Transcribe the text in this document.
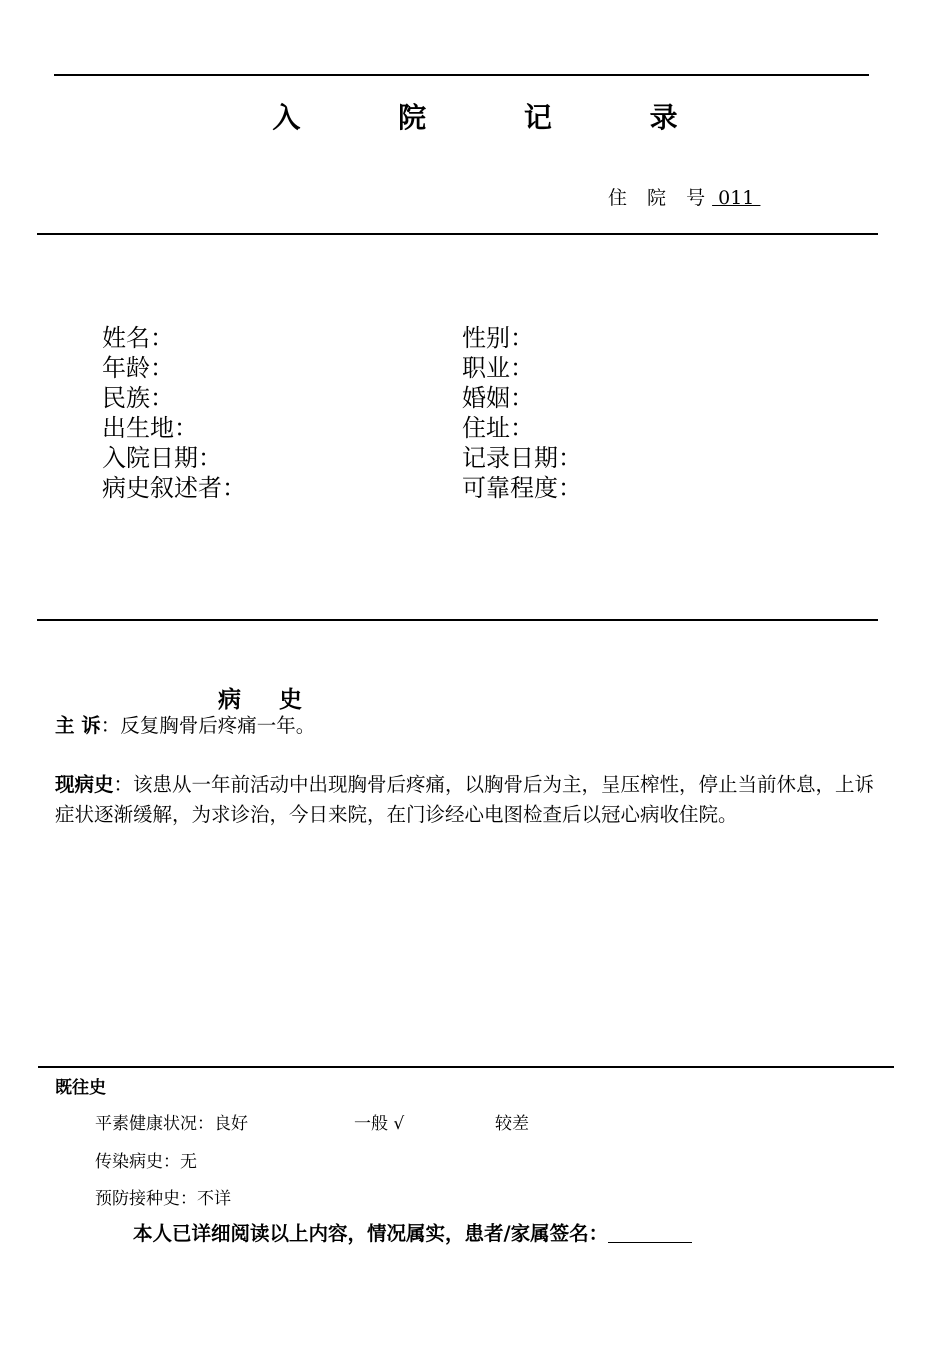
入 院 记 录
住 院 号 011
姓名：
年龄：
民族：
出生地：
入院日期：
病史叙述者：
性别：
职业：
婚姻：
住址：
记录日期：
可靠程度：
病 史
主 诉：反复胸骨后疼痛一年。
现病史：该患从一年前活动中出现胸骨后疼痛，以胸骨后为主，呈压榨性，停止当前休息，上诉症状逐渐缓解，为求诊治，今日来院，在门诊经心电图检查后以冠心病收住院。
既往史
平素健康状况：良好	一般 √	较差
传染病史：无
预防接种史：不详
本人已详细阅读以上内容，情况属实，患者/家属签名：
